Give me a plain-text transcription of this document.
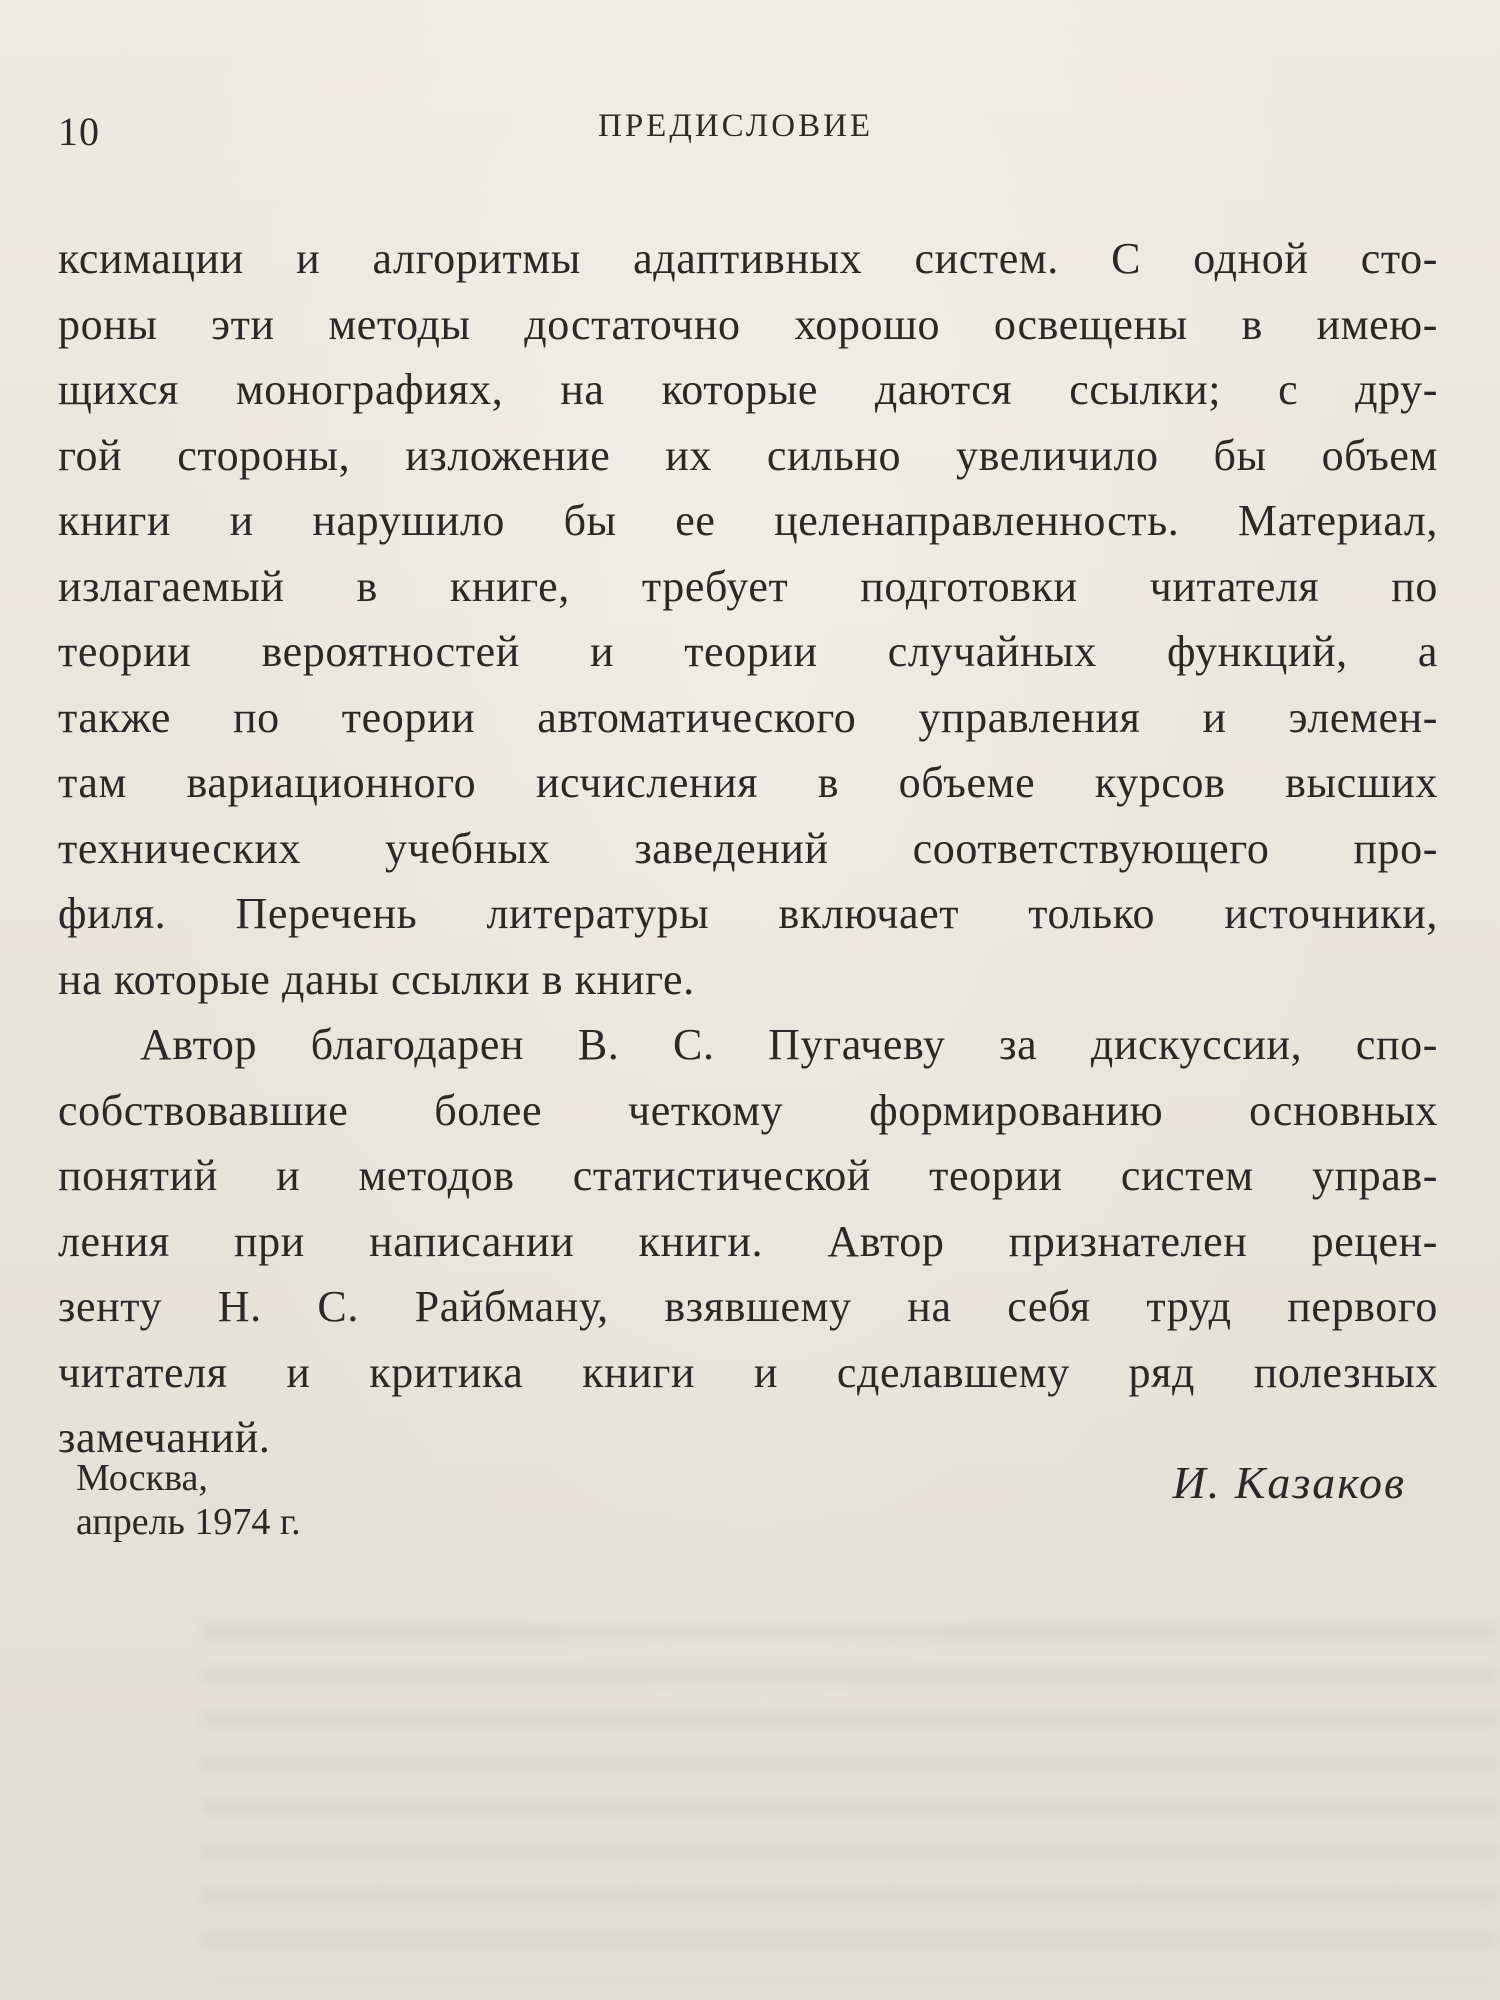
10	ПРЕДИСЛОВИЕ

ксимации и алгоритмы адаптивных систем. С одной сто-
роны эти методы достаточно хорошо освещены в имею-
щихся монографиях, на которые даются ссылки; с дру-
гой стороны, изложение их сильно увеличило бы объем
книги и нарушило бы ее целенаправленность. Материал,
излагаемый в книге, требует подготовки читателя по
теории вероятностей и теории случайных функций, а
также по теории автоматического управления и элемен-
там вариационного исчисления в объеме курсов высших
технических учебных заведений соответствующего про-
филя. Перечень литературы включает только источники,
на которые даны ссылки в книге.

Автор благодарен В. С. Пугачеву за дискуссии, спо-
собствовавшие более четкому формированию основных
понятий и методов статистической теории систем управ-
ления при написании книги. Автор признателен рецен-
зенту Н. С. Райбману, взявшему на себя труд первого
читателя и критика книги и сделавшему ряд полезных
замечаний.

Москва,
апрель 1974 г.
И. Казаков
